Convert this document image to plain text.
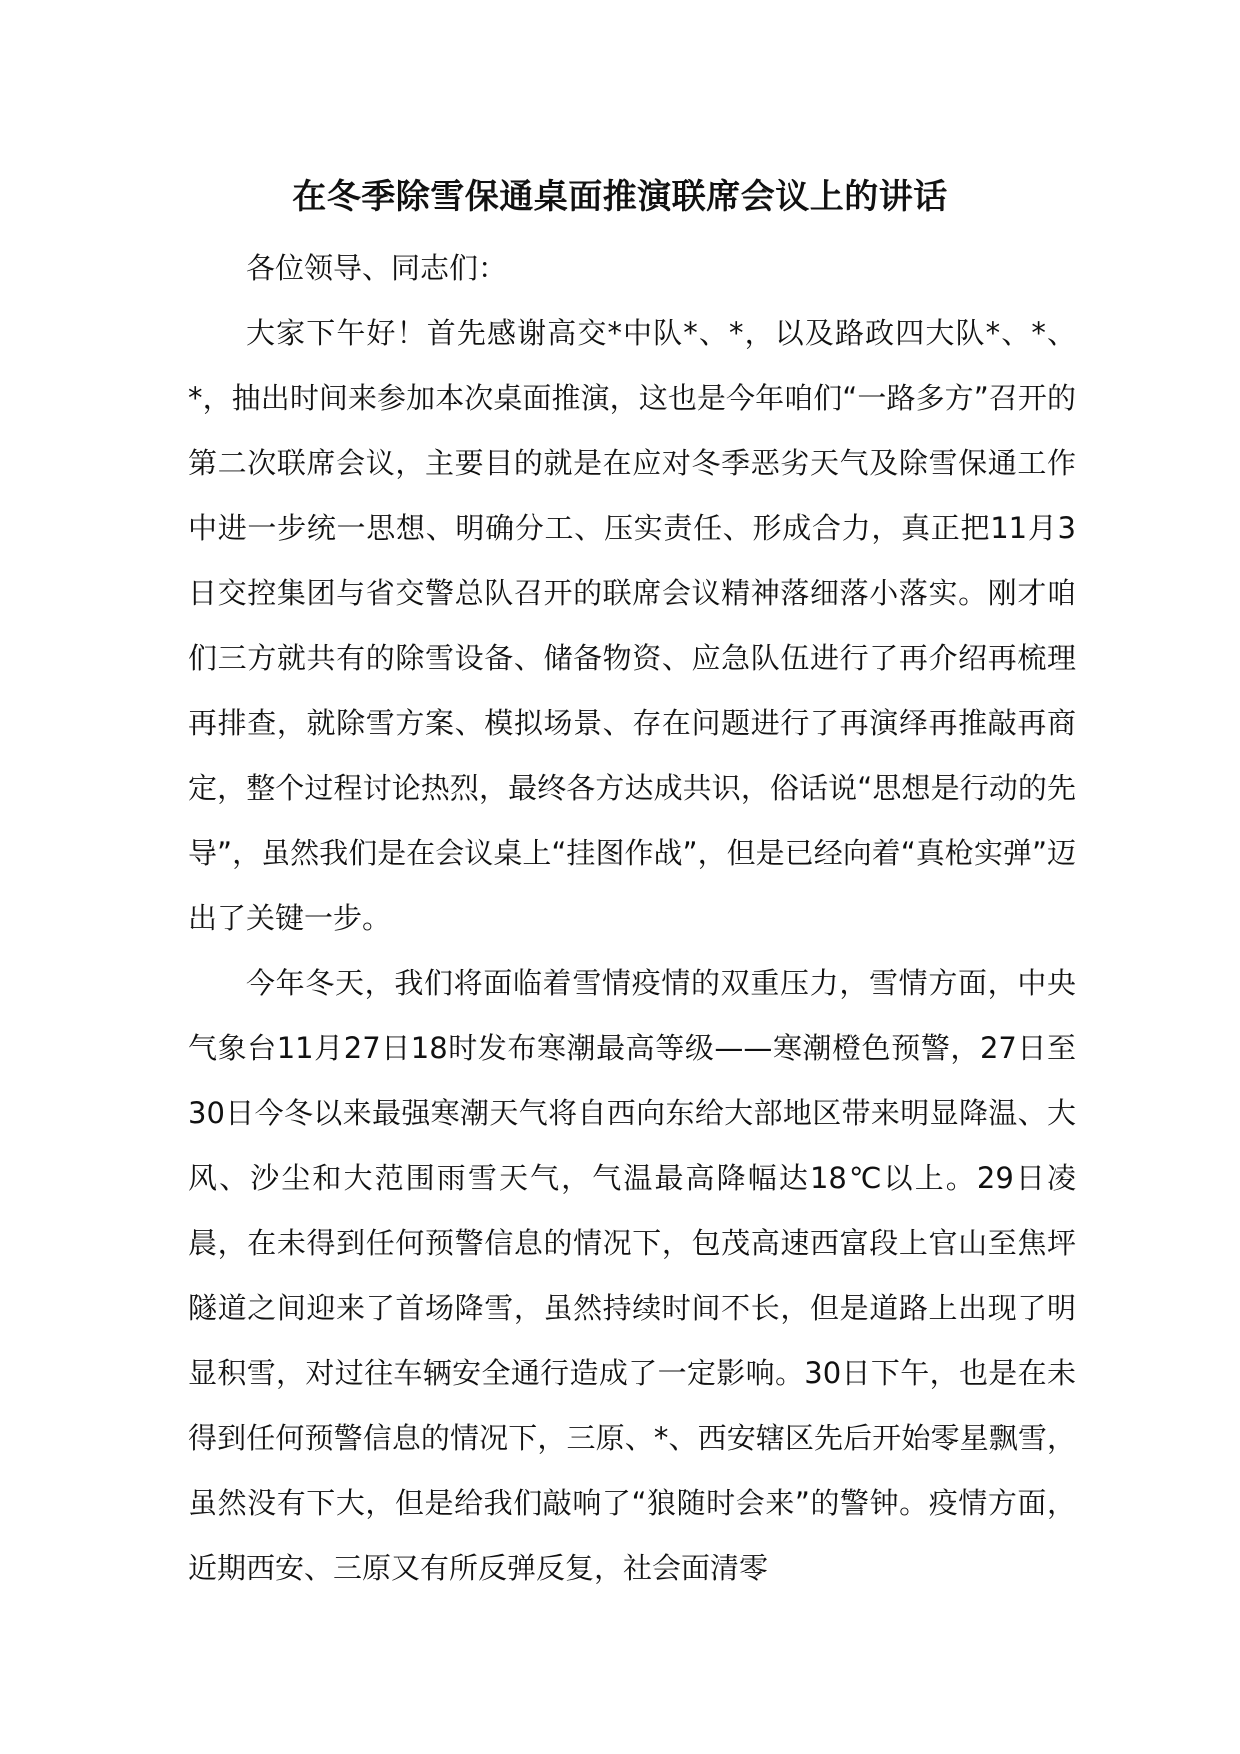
在冬季除雪保通桌面推演联席会议上的讲话

各位领导、同志们：

大家下午好！首先感谢高交*中队*、*，以及路政四大队*、*、*，抽出时间来参加本次桌面推演，这也是今年咱们“一路多方”召开的第二次联席会议，主要目的就是在应对冬季恶劣天气及除雪保通工作中进一步统一思想、明确分工、压实责任、形成合力，真正把11月3日交控集团与省交警总队召开的联席会议精神落细落小落实。刚才咱们三方就共有的除雪设备、储备物资、应急队伍进行了再介绍再梳理再排查，就除雪方案、模拟场景、存在问题进行了再演绎再推敲再商定，整个过程讨论热烈，最终各方达成共识，俗话说“思想是行动的先导”，虽然我们是在会议桌上“挂图作战”，但是已经向着“真枪实弹”迈出了关键一步。

今年冬天，我们将面临着雪情疫情的双重压力，雪情方面，中央气象台11月27日18时发布寒潮最高等级——寒潮橙色预警，27日至30日今冬以来最强寒潮天气将自西向东给大部地区带来明显降温、大风、沙尘和大范围雨雪天气，气温最高降幅达18℃以上。29日凌晨，在未得到任何预警信息的情况下，包茂高速西富段上官山至焦坪隧道之间迎来了首场降雪，虽然持续时间不长，但是道路上出现了明显积雪，对过往车辆安全通行造成了一定影响。30日下午，也是在未得到任何预警信息的情况下，三原、*、西安辖区先后开始零星飘雪，虽然没有下大，但是给我们敲响了“狼随时会来”的警钟。疫情方面，近期西安、三原又有所反弹反复，社会面清零
